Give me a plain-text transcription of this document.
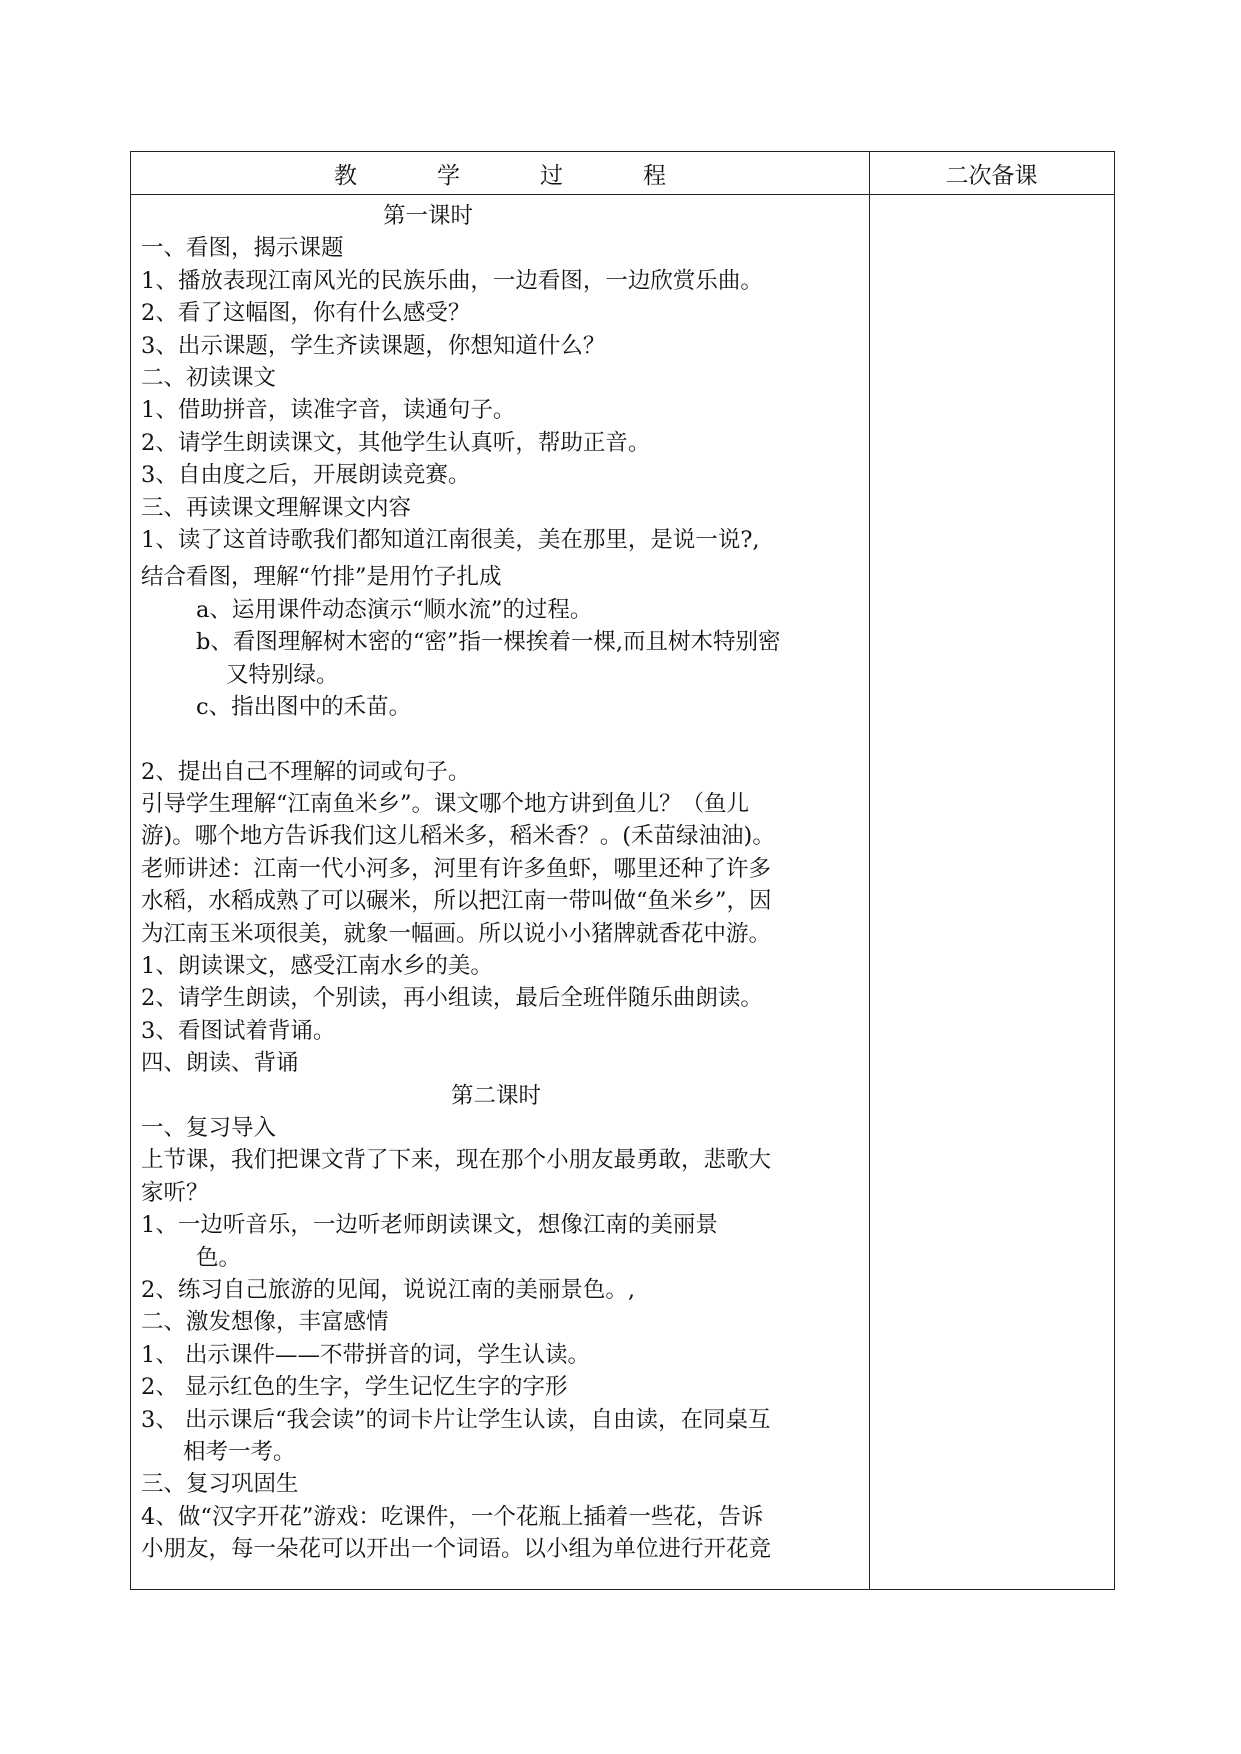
教	学	过	程	二次备课
第一课时
一、看图，揭示课题
1、播放表现江南风光的民族乐曲，一边看图，一边欣赏乐曲。
2、看了这幅图，你有什么感受？
3、出示课题，学生齐读课题，你想知道什么？
二、初读课文
1、借助拼音，读准字音，读通句子。
2、请学生朗读课文，其他学生认真听，帮助正音。
3、自由度之后，开展朗读竞赛。
三、再读课文理解课文内容
1、读了这首诗歌我们都知道江南很美，美在那里，是说一说?,
结合看图，理解“竹排”是用竹子扎成
a、运用课件动态演示“顺水流”的过程。
b、看图理解树木密的“密”指一棵挨着一棵,而且树木特别密
又特别绿。
c、指出图中的禾苗。
2、提出自己不理解的词或句子。
引导学生理解“江南鱼米乡”。课文哪个地方讲到鱼儿？（鱼儿
游)。哪个地方告诉我们这儿稻米多，稻米香？。(禾苗绿油油)。
老师讲述：江南一代小河多，河里有许多鱼虾，哪里还种了许多
水稻，水稻成熟了可以碾米，所以把江南一带叫做“鱼米乡”，因
为江南玉米项很美，就象一幅画。所以说小小猪牌就香花中游。
1、朗读课文，感受江南水乡的美。
2、请学生朗读，个别读，再小组读，最后全班伴随乐曲朗读。
3、看图试着背诵。
四、朗读、背诵
第二课时
一、复习导入
上节课，我们把课文背了下来，现在那个小朋友最勇敢，悲歌大
家听？
1、一边听音乐，一边听老师朗读课文，想像江南的美丽景
色。
2、练习自己旅游的见闻，说说江南的美丽景色。,
二、激发想像，丰富感情
1、 出示课件——不带拼音的词，学生认读。
2、 显示红色的生字，学生记忆生字的字形
3、 出示课后“我会读”的词卡片让学生认读，自由读，在同桌互
相考一考。
三、复习巩固生
4、做“汉字开花”游戏：吃课件，一个花瓶上插着一些花，告诉
小朋友，每一朵花可以开出一个词语。以小组为单位进行开花竞
